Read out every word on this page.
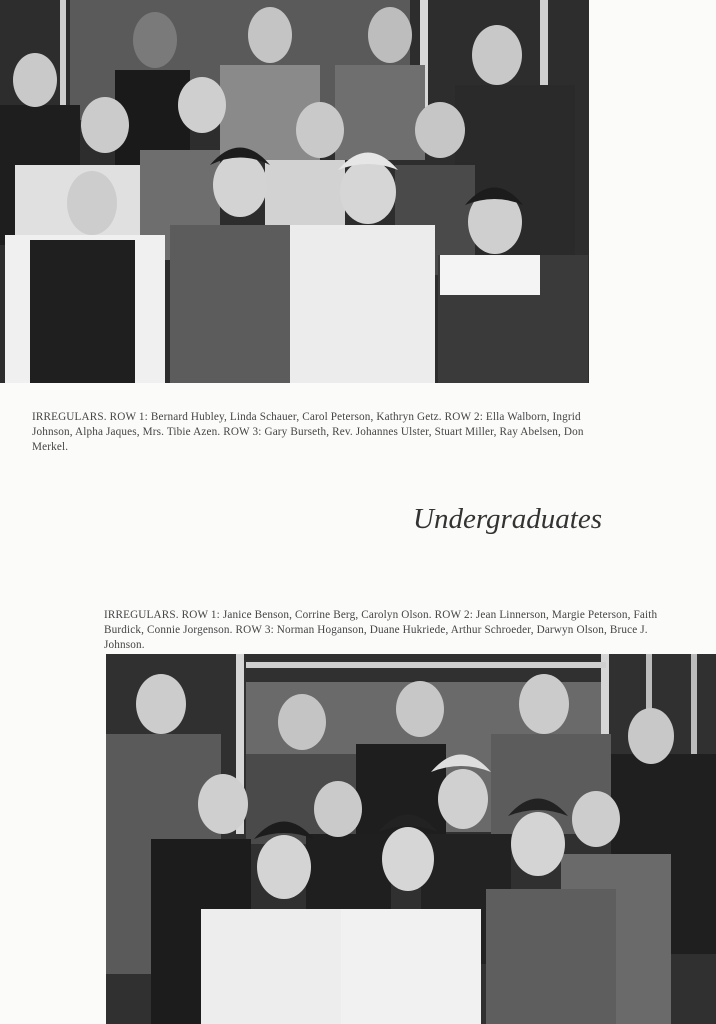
IRREGULARS. ROW 1: Bernard Hubley, Linda Schauer, Carol Peterson, Kathryn Getz. ROW 2: Ella Walborn, Ingrid Johnson, Alpha Jaques, Mrs. Tibie Azen. ROW 3: Gary Burseth, Rev. Johannes Ulster, Stuart Miller, Ray Abelsen, Don Merkel.

Undergraduates

IRREGULARS. ROW 1: Janice Benson, Corrine Berg, Carolyn Olson. ROW 2: Jean Linnerson, Margie Peterson, Faith Burdick, Connie Jorgenson. ROW 3: Norman Hoganson, Duane Hukriede, Arthur Schroeder, Darwyn Olson, Bruce J. Johnson.
